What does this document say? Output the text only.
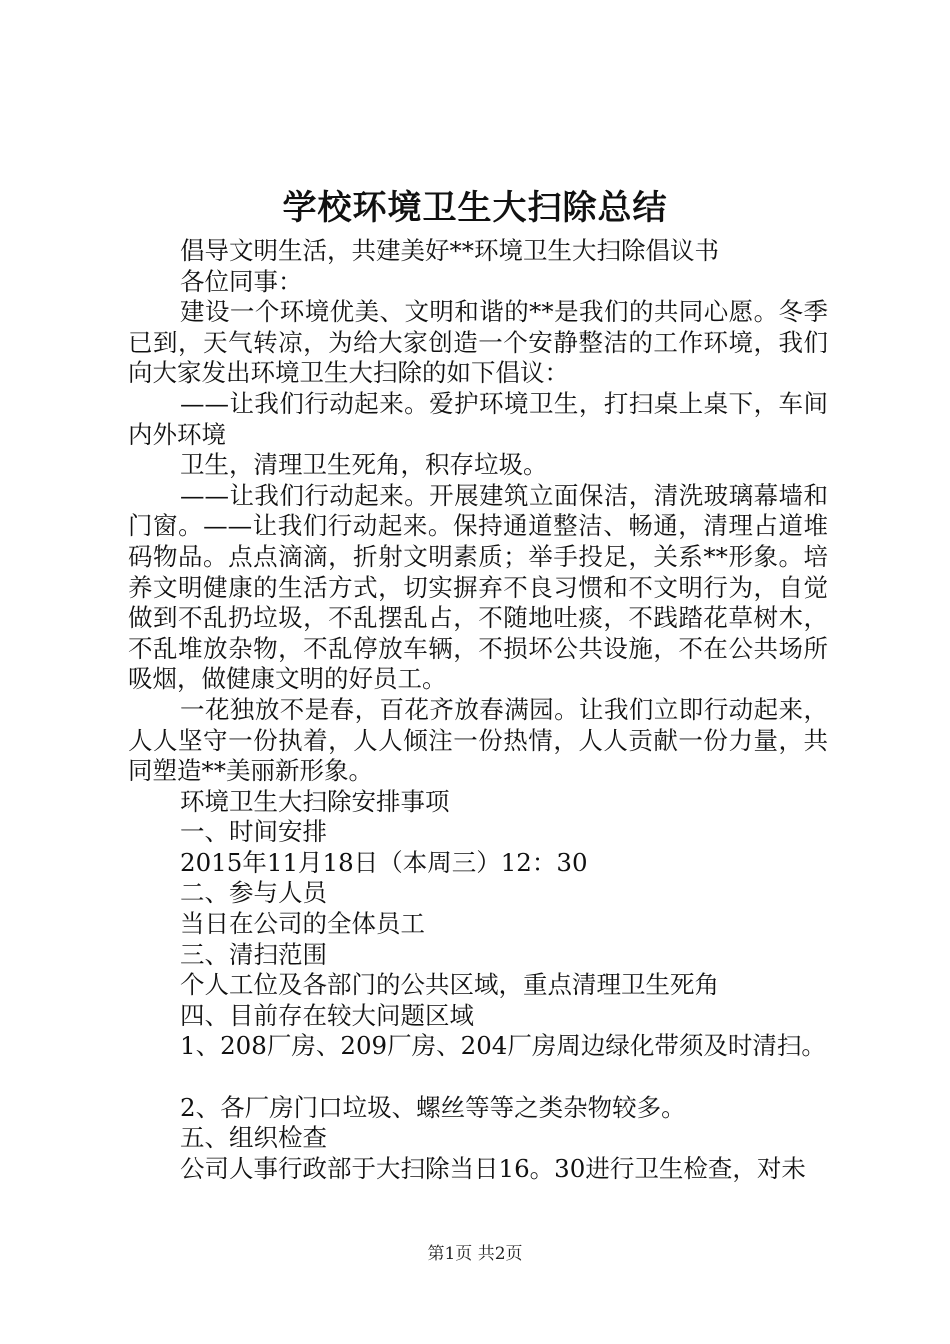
学校环境卫生大扫除总结

倡导文明生活，共建美好**环境卫生大扫除倡议书

各位同事：

建设一个环境优美、文明和谐的**是我们的共同心愿。冬季已到，天气转凉，为给大家创造一个安静整洁的工作环境，我们向大家发出环境卫生大扫除的如下倡议：

——让我们行动起来。爱护环境卫生，打扫桌上桌下，车间内外环境

卫生，清理卫生死角，积存垃圾。

——让我们行动起来。开展建筑立面保洁，清洗玻璃幕墙和门窗。——让我们行动起来。保持通道整洁、畅通，清理占道堆码物品。点点滴滴，折射文明素质；举手投足，关系**形象。培养文明健康的生活方式，切实摒弃不良习惯和不文明行为，自觉做到不乱扔垃圾，不乱摆乱占，不随地吐痰，不践踏花草树木，不乱堆放杂物，不乱停放车辆，不损坏公共设施，不在公共场所吸烟，做健康文明的好员工。

一花独放不是春，百花齐放春满园。让我们立即行动起来，人人坚守一份执着，人人倾注一份热情，人人贡献一份力量，共同塑造**美丽新形象。

环境卫生大扫除安排事项

一、时间安排

2015年11月18日（本周三）12：30

二、参与人员

当日在公司的全体员工

三、清扫范围

个人工位及各部门的公共区域，重点清理卫生死角

四、目前存在较大问题区域

1、208厂房、209厂房、204厂房周边绿化带须及时清扫。

2、各厂房门口垃圾、螺丝等等之类杂物较多。

五、组织检查

公司人事行政部于大扫除当日16。30进行卫生检查，对未

第1页 共2页
